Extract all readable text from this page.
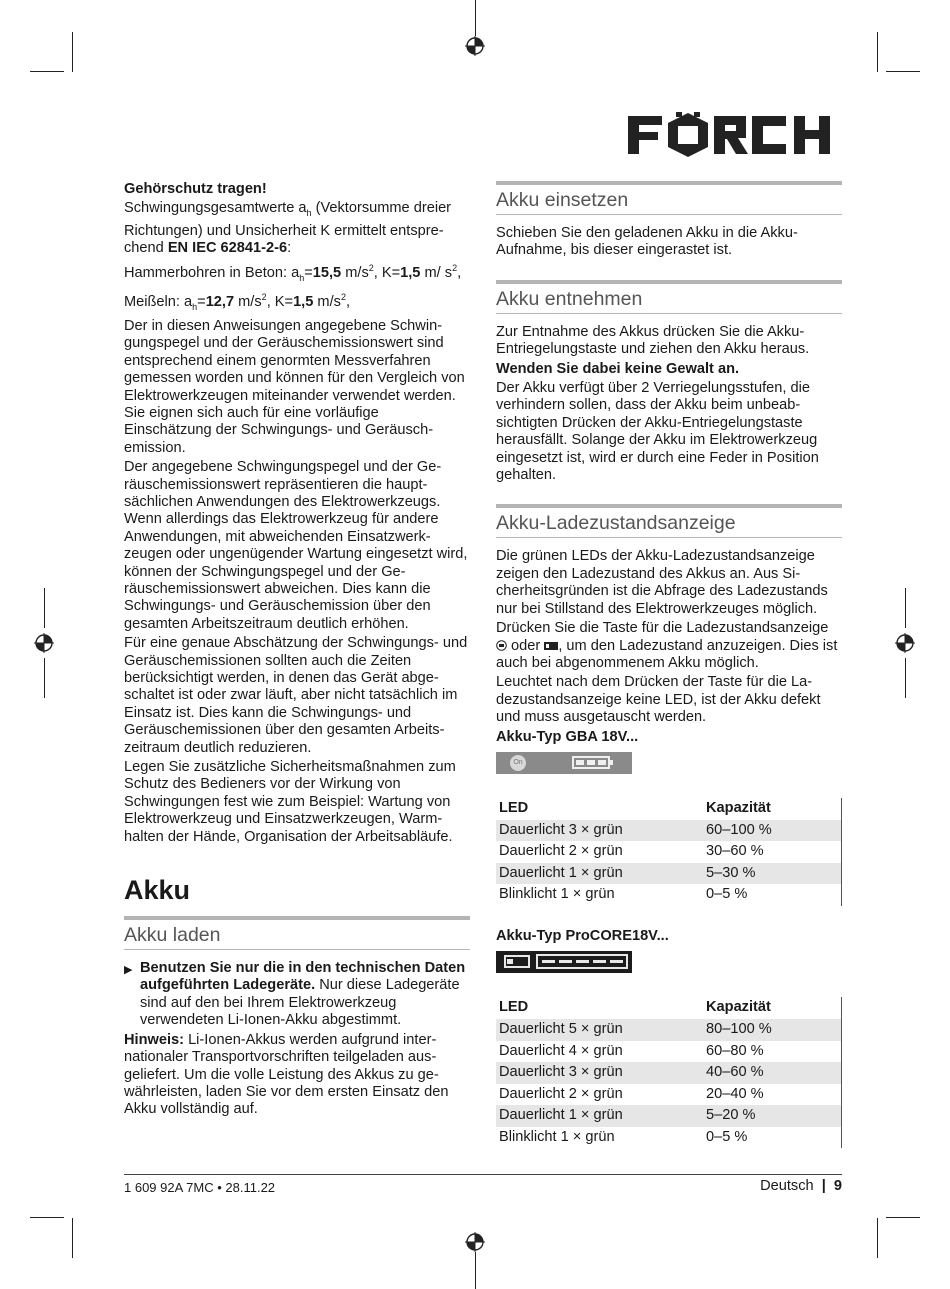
Gehörschutz tragen!

Schwingungsgesamtwerte $a_h$ (Vektorsumme dreier Richtungen) und Unsicherheit K ermittelt entsprechend EN IEC 62841-2-6:

Hammerbohren in Beton: $a_h=15,5$ $m/s^2$, K=1,5 m/ $s^2$,

Meißeln: $a_h=12,7$ $m/s^2$, K=1,5 $m/s^2$,

Der in diesen Anweisungen angegebene Schwingungspegel und der Geräuschemissionswert sind entsprechend einem genormten Messverfahren gemessen worden und können für den Vergleich von Elektrowerkzeugen miteinander verwendet werden. Sie eignen sich auch für eine vorläufige Einschätzung der Schwingungs- und Geräuschemission.

Der angegebene Schwingungspegel und der Geräuschemissionswert repräsentieren die hauptsächlichen Anwendungen des Elektrowerkzeugs. Wenn allerdings das Elektrowerkzeug für andere Anwendungen, mit abweichenden Einsatzwerkzeugen oder ungenügender Wartung eingesetzt wird, können der Schwingungspegel und der Geräuschemissionswert abweichen. Dies kann die Schwingungs- und Geräuschemission über den gesamten Arbeitszeitraum deutlich erhöhen.

Für eine genaue Abschätzung der Schwingungs- und Geräuschemissionen sollten auch die Zeiten berücksichtigt werden, in denen das Gerät abgeschaltet ist oder zwar läuft, aber nicht tatsächlich im Einsatz ist. Dies kann die Schwingungs- und Geräuschemissionen über den gesamten Arbeitszeitraum deutlich reduzieren.

Legen Sie zusätzliche Sicherheitsmaßnahmen zum Schutz des Bedieners vor der Wirkung von Schwingungen fest wie zum Beispiel: Wartung von Elektrowerkzeug und Einsatzwerkzeugen, Warmhalten der Hände, Organisation der Arbeitsabläufe.

Akku
Akku laden

▶ Benutzen Sie nur die in den technischen Daten aufgeführten Ladegeräte. Nur diese Ladegeräte sind auf den bei Ihrem Elektrowerkzeug verwendeten Li-Ionen-Akku abgestimmt.

Hinweis: Li-Ionen-Akkus werden aufgrund internationaler Transportvorschriften teilgeladen ausgeliefert. Um die volle Leistung des Akkus zu gewährleisten, laden Sie vor dem ersten Einsatz den Akku vollständig auf.

Akku einsetzen

Schieben Sie den geladenen Akku in die Akku-Aufnahme, bis dieser eingerastet ist.

Akku entnehmen

Zur Entnahme des Akkus drücken Sie die Akku-Entriegelungstaste und ziehen den Akku heraus.

Wenden Sie dabei keine Gewalt an.

Der Akku verfügt über 2 Verriegelungsstufen, die verhindern sollen, dass der Akku beim unbeabsichtigten Drücken der Akku-Entriegelungstaste herausfällt. Solange der Akku im Elektrowerkzeug eingesetzt ist, wird er durch eine Feder in Position gehalten.

Akku-Ladezustandsanzeige

Die grünen LEDs der Akku-Ladezustandsanzeige zeigen den Ladezustand des Akkus an. Aus Sicherheitsgründen ist die Abfrage des Ladezustands nur bei Stillstand des Elektrowerkzeuges möglich.

Drücken Sie die Taste für die Ladezustandsanzeige  oder , um den Ladezustand anzuzeigen. Dies ist auch bei abgenommenem Akku möglich.

Leuchtet nach dem Drücken der Taste für die Ladezustandsanzeige keine LED, ist der Akku defekt und muss ausgetauscht werden.

Akku-Typ GBA 18V...

On
LED	Kapazität
Dauerlicht 3 × grün	60–100 %
Dauerlicht 2 × grün	30–60 %
Dauerlicht 1 × grün	5–30 %
Blinklicht 1 × grün	0–5 %

Akku-Typ ProCORE18V...

LED	Kapazität
Dauerlicht 5 × grün	80–100 %
Dauerlicht 4 × grün	60–80 %
Dauerlicht 3 × grün	40–60 %
Dauerlicht 2 × grün	20–40 %
Dauerlicht 1 × grün	5–20 %
Blinklicht 1 × grün	0–5 %
1 609 92A 7MC • 28.11.22	Deutsch | 9
